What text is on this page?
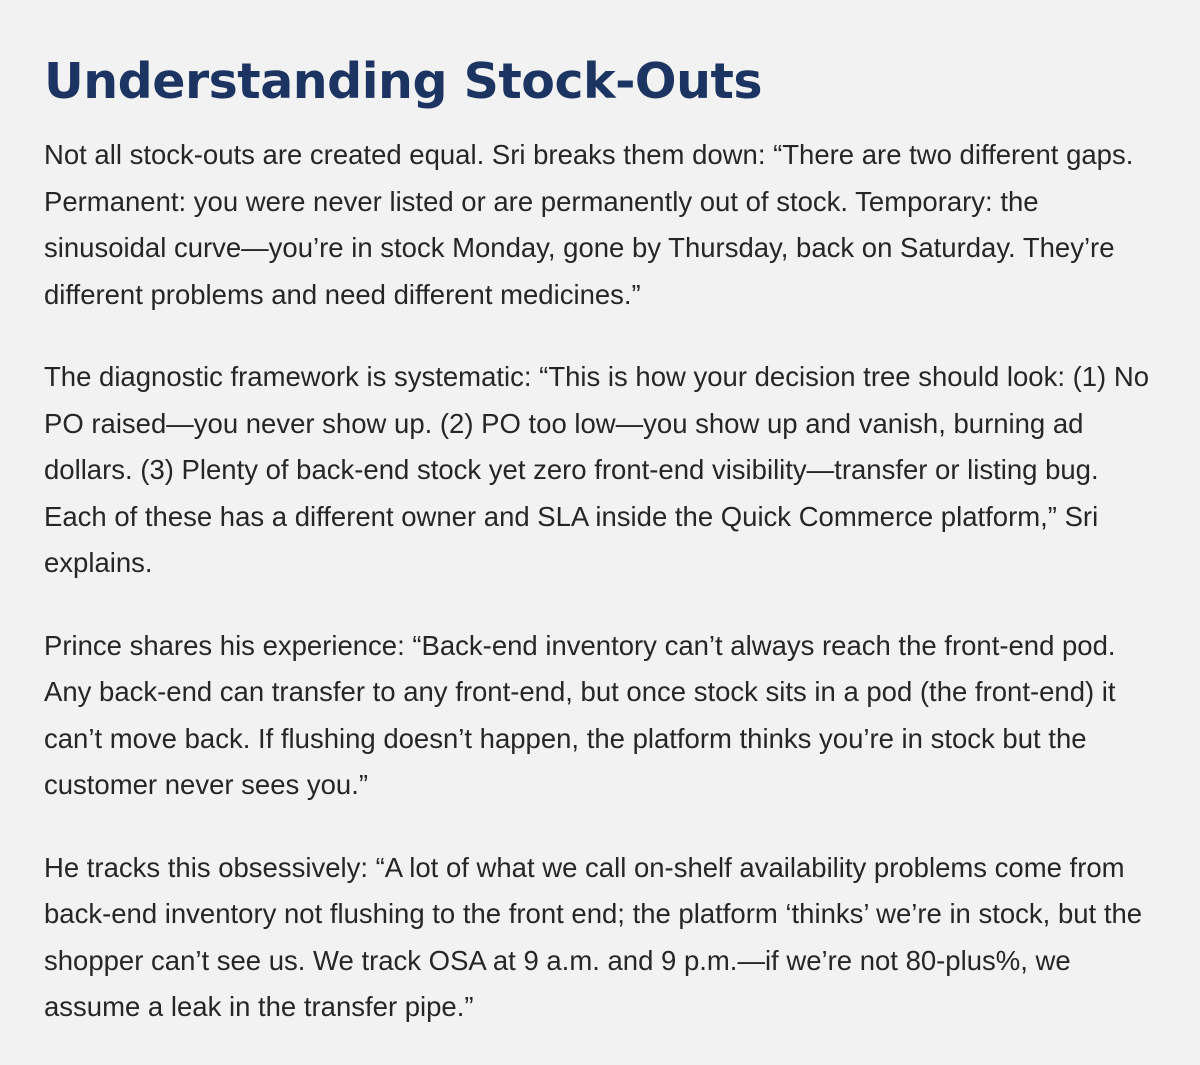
Understanding Stock-Outs

Not all stock-outs are created equal. Sri breaks them down: “There are two different gaps. Permanent: you were never listed or are permanently out of stock. Temporary: the sinusoidal curve—you’re in stock Monday, gone by Thursday, back on Saturday. They’re different problems and need different medicines.”

The diagnostic framework is systematic: “This is how your decision tree should look: (1) No PO raised—you never show up. (2) PO too low—you show up and vanish, burning ad dollars. (3) Plenty of back-end stock yet zero front-end visibility—transfer or listing bug. Each of these has a different owner and SLA inside the Quick Commerce platform,” Sri explains.

Prince shares his experience: “Back-end inventory can’t always reach the front-end pod. Any back-end can transfer to any front-end, but once stock sits in a pod (the front-end) it can’t move back. If flushing doesn’t happen, the platform thinks you’re in stock but the customer never sees you.”

He tracks this obsessively: “A lot of what we call on-shelf availability problems come from back-end inventory not flushing to the front end; the platform ‘thinks’ we’re in stock, but the shopper can’t see us. We track OSA at 9 a.m. and 9 p.m.—if we’re not 80-plus%, we assume a leak in the transfer pipe.”
